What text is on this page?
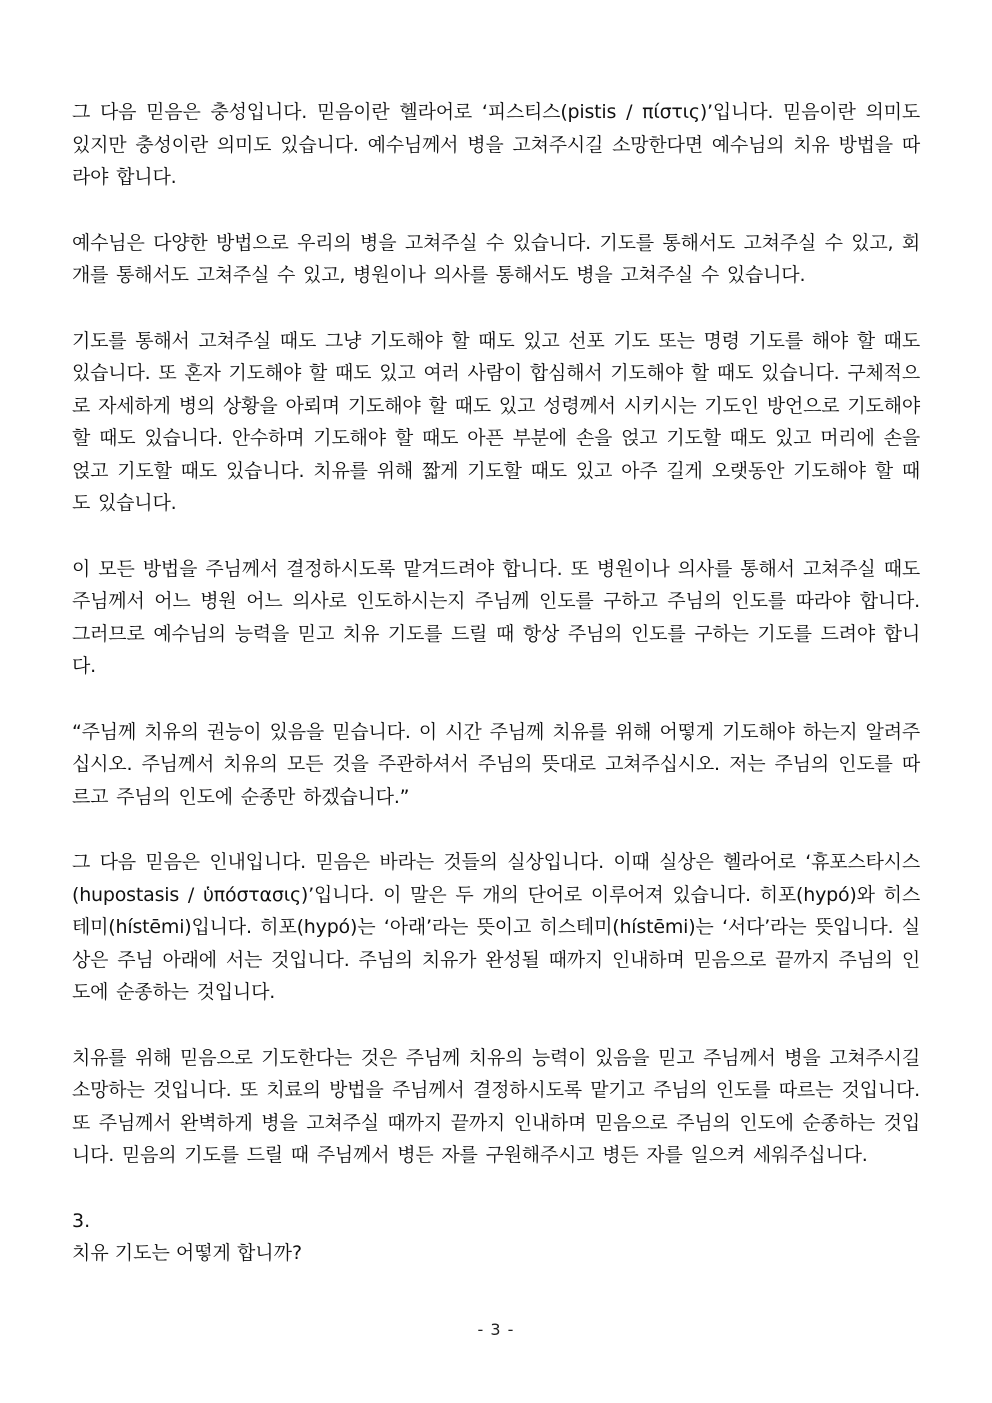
그 다음 믿음은 충성입니다. 믿음이란 헬라어로 ‘피스티스(pistis / πίστις)’입니다. 믿음이란 의미도 있지만 충성이란 의미도 있습니다. 예수님께서 병을 고쳐주시길 소망한다면 예수님의 치유 방법을 따라야 합니다.

예수님은 다양한 방법으로 우리의 병을 고쳐주실 수 있습니다. 기도를 통해서도 고쳐주실 수 있고, 회개를 통해서도 고쳐주실 수 있고, 병원이나 의사를 통해서도 병을 고쳐주실 수 있습니다.

기도를 통해서 고쳐주실 때도 그냥 기도해야 할 때도 있고 선포 기도 또는 명령 기도를 해야 할 때도 있습니다. 또 혼자 기도해야 할 때도 있고 여러 사람이 합심해서 기도해야 할 때도 있습니다. 구체적으로 자세하게 병의 상황을 아뢰며 기도해야 할 때도 있고 성령께서 시키시는 기도인 방언으로 기도해야 할 때도 있습니다. 안수하며 기도해야 할 때도 아픈 부분에 손을 얹고 기도할 때도 있고 머리에 손을 얹고 기도할 때도 있습니다. 치유를 위해 짧게 기도할 때도 있고 아주 길게 오랫동안 기도해야 할 때도 있습니다.

이 모든 방법을 주님께서 결정하시도록 맡겨드려야 합니다. 또 병원이나 의사를 통해서 고쳐주실 때도 주님께서 어느 병원 어느 의사로 인도하시는지 주님께 인도를 구하고 주님의 인도를 따라야 합니다. 그러므로 예수님의 능력을 믿고 치유 기도를 드릴 때 항상 주님의 인도를 구하는 기도를 드려야 합니다.

“주님께 치유의 권능이 있음을 믿습니다. 이 시간 주님께 치유를 위해 어떻게 기도해야 하는지 알려주십시오. 주님께서 치유의 모든 것을 주관하셔서 주님의 뜻대로 고쳐주십시오. 저는 주님의 인도를 따르고 주님의 인도에 순종만 하겠습니다.”

그 다음 믿음은 인내입니다. 믿음은 바라는 것들의 실상입니다. 이때 실상은 헬라어로 ‘휴포스타시스(hupostasis / ὑπόστασις)’입니다. 이 말은 두 개의 단어로 이루어져 있습니다. 히포(hypó)와 히스테미(hístēmi)입니다. 히포(hypó)는 ‘아래’라는 뜻이고 히스테미(hístēmi)는 ‘서다’라는 뜻입니다. 실상은 주님 아래에 서는 것입니다. 주님의 치유가 완성될 때까지 인내하며 믿음으로 끝까지 주님의 인도에 순종하는 것입니다.

치유를 위해 믿음으로 기도한다는 것은 주님께 치유의 능력이 있음을 믿고 주님께서 병을 고쳐주시길 소망하는 것입니다. 또 치료의 방법을 주님께서 결정하시도록 맡기고 주님의 인도를 따르는 것입니다. 또 주님께서 완벽하게 병을 고쳐주실 때까지 끝까지 인내하며 믿음으로 주님의 인도에 순종하는 것입니다. 믿음의 기도를 드릴 때 주님께서 병든 자를 구원해주시고 병든 자를 일으켜 세워주십니다.

3.

치유 기도는 어떻게 합니까?

- 3 -
